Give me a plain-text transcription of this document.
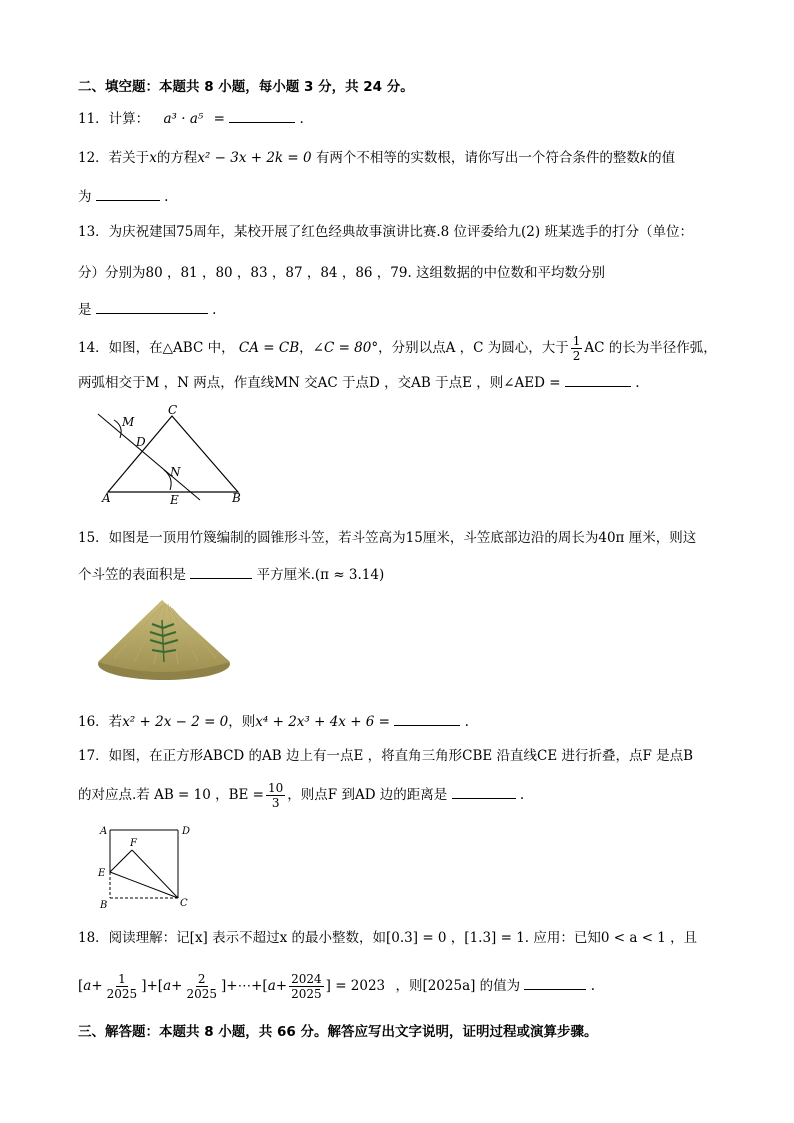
二、填空题：本题共 8 小题，每小题 3 分，共 24 分。
11．计算： a³ · a⁵ =	.
12．若关于x的方程x² − 3x + 2k = 0 有两个不相等的实数根，请你写出一个符合条件的整数k的值
为	.
13．为庆祝建国75周年，某校开展了红色经典故事演讲比赛.8 位评委给九(2) 班某选手的打分（单位：
分）分别为80 ，81 ，80 ，83 ，87 ，84 ，86 ，79. 这组数据的中位数和平均数分别
是	.
14．如图，在△ABC 中， CA = CB，∠C = 80°，分别以点A ，C 为圆心，大于 $\frac{1}{2}$ AC 的长为半径作弧，
两弧相交于M ，N 两点，作直线MN 交AC 于点D ，交AB 于点E ，则∠AED =	.
A	B
C
D
E
M
N
15．如图是一顶用竹篾编制的圆锥形斗笠，若斗笠高为15厘米，斗笠底部边沿的周长为40π 厘米，则这
个斗笠的表面积是	平方厘米.(π ≈ 3.14)
16．若x² + 2x − 2 = 0，则x⁴ + 2x³ + 4x + 6 =	.
17．如图，在正方形ABCD 的AB 边上有一点E ，将直角三角形CBE 沿直线CE 进行折叠，点F 是点B
的对应点.若 AB = 10 ，BE = $\frac{10}{3}$ ，则点F 到AD 边的距离是	.
A	D
B	C
E
F
18．阅读理解：记[x] 表示不超过x 的最小整数，如[0.3] = 0 ，[1.3] = 1. 应用：已知0 < a < 1 ，且
$[a+ \frac{1}{2025} ]+[a+ \frac{2}{2025}$ ]+⋯+[a+ $\frac{2024}{2025}$ ] = 2023 ，则[2025a] 的值为	.
三、解答题：本题共 8 小题，共 66 分。解答应写出文字说明，证明过程或演算步骤。
